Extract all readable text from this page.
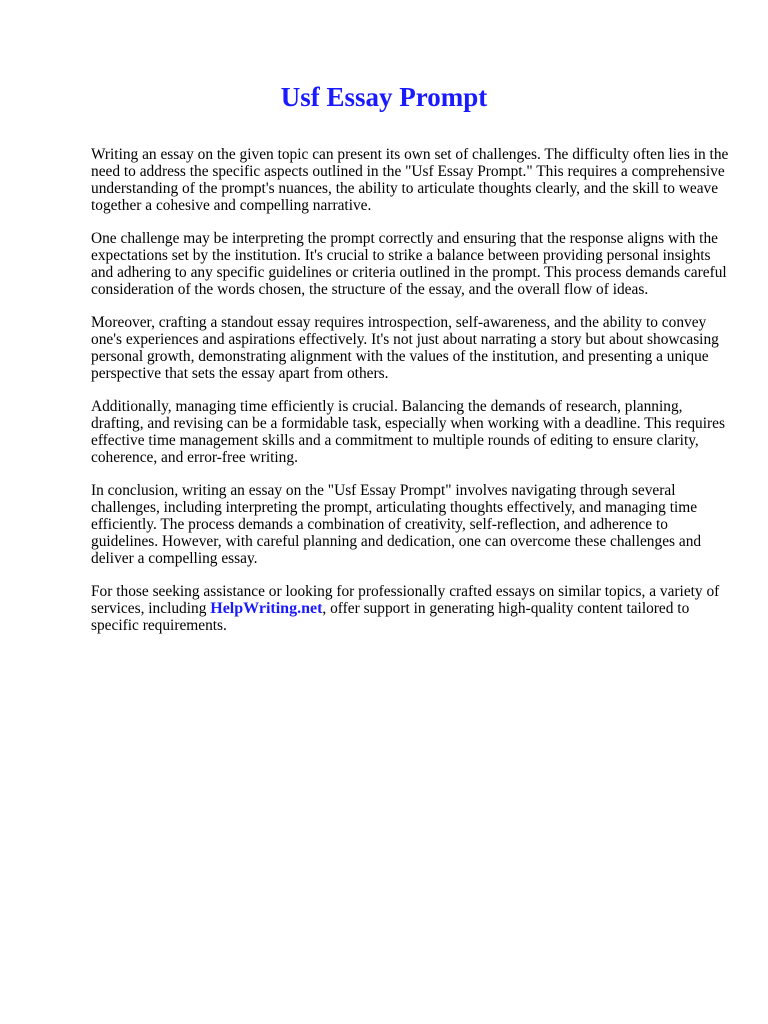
Usf Essay Prompt

Writing an essay on the given topic can present its own set of challenges. The difficulty often lies in the need to address the specific aspects outlined in the "Usf Essay Prompt." This requires a comprehensive understanding of the prompt's nuances, the ability to articulate thoughts clearly, and the skill to weave together a cohesive and compelling narrative.

One challenge may be interpreting the prompt correctly and ensuring that the response aligns with the expectations set by the institution. It's crucial to strike a balance between providing personal insights and adhering to any specific guidelines or criteria outlined in the prompt. This process demands careful consideration of the words chosen, the structure of the essay, and the overall flow of ideas.

Moreover, crafting a standout essay requires introspection, self-awareness, and the ability to convey one's experiences and aspirations effectively. It's not just about narrating a story but about showcasing personal growth, demonstrating alignment with the values of the institution, and presenting a unique perspective that sets the essay apart from others.

Additionally, managing time efficiently is crucial. Balancing the demands of research, planning, drafting, and revising can be a formidable task, especially when working with a deadline. This requires effective time management skills and a commitment to multiple rounds of editing to ensure clarity, coherence, and error-free writing.

In conclusion, writing an essay on the "Usf Essay Prompt" involves navigating through several challenges, including interpreting the prompt, articulating thoughts effectively, and managing time efficiently. The process demands a combination of creativity, self-reflection, and adherence to guidelines. However, with careful planning and dedication, one can overcome these challenges and deliver a compelling essay.

For those seeking assistance or looking for professionally crafted essays on similar topics, a variety of services, including HelpWriting.net, offer support in generating high-quality content tailored to specific requirements.
